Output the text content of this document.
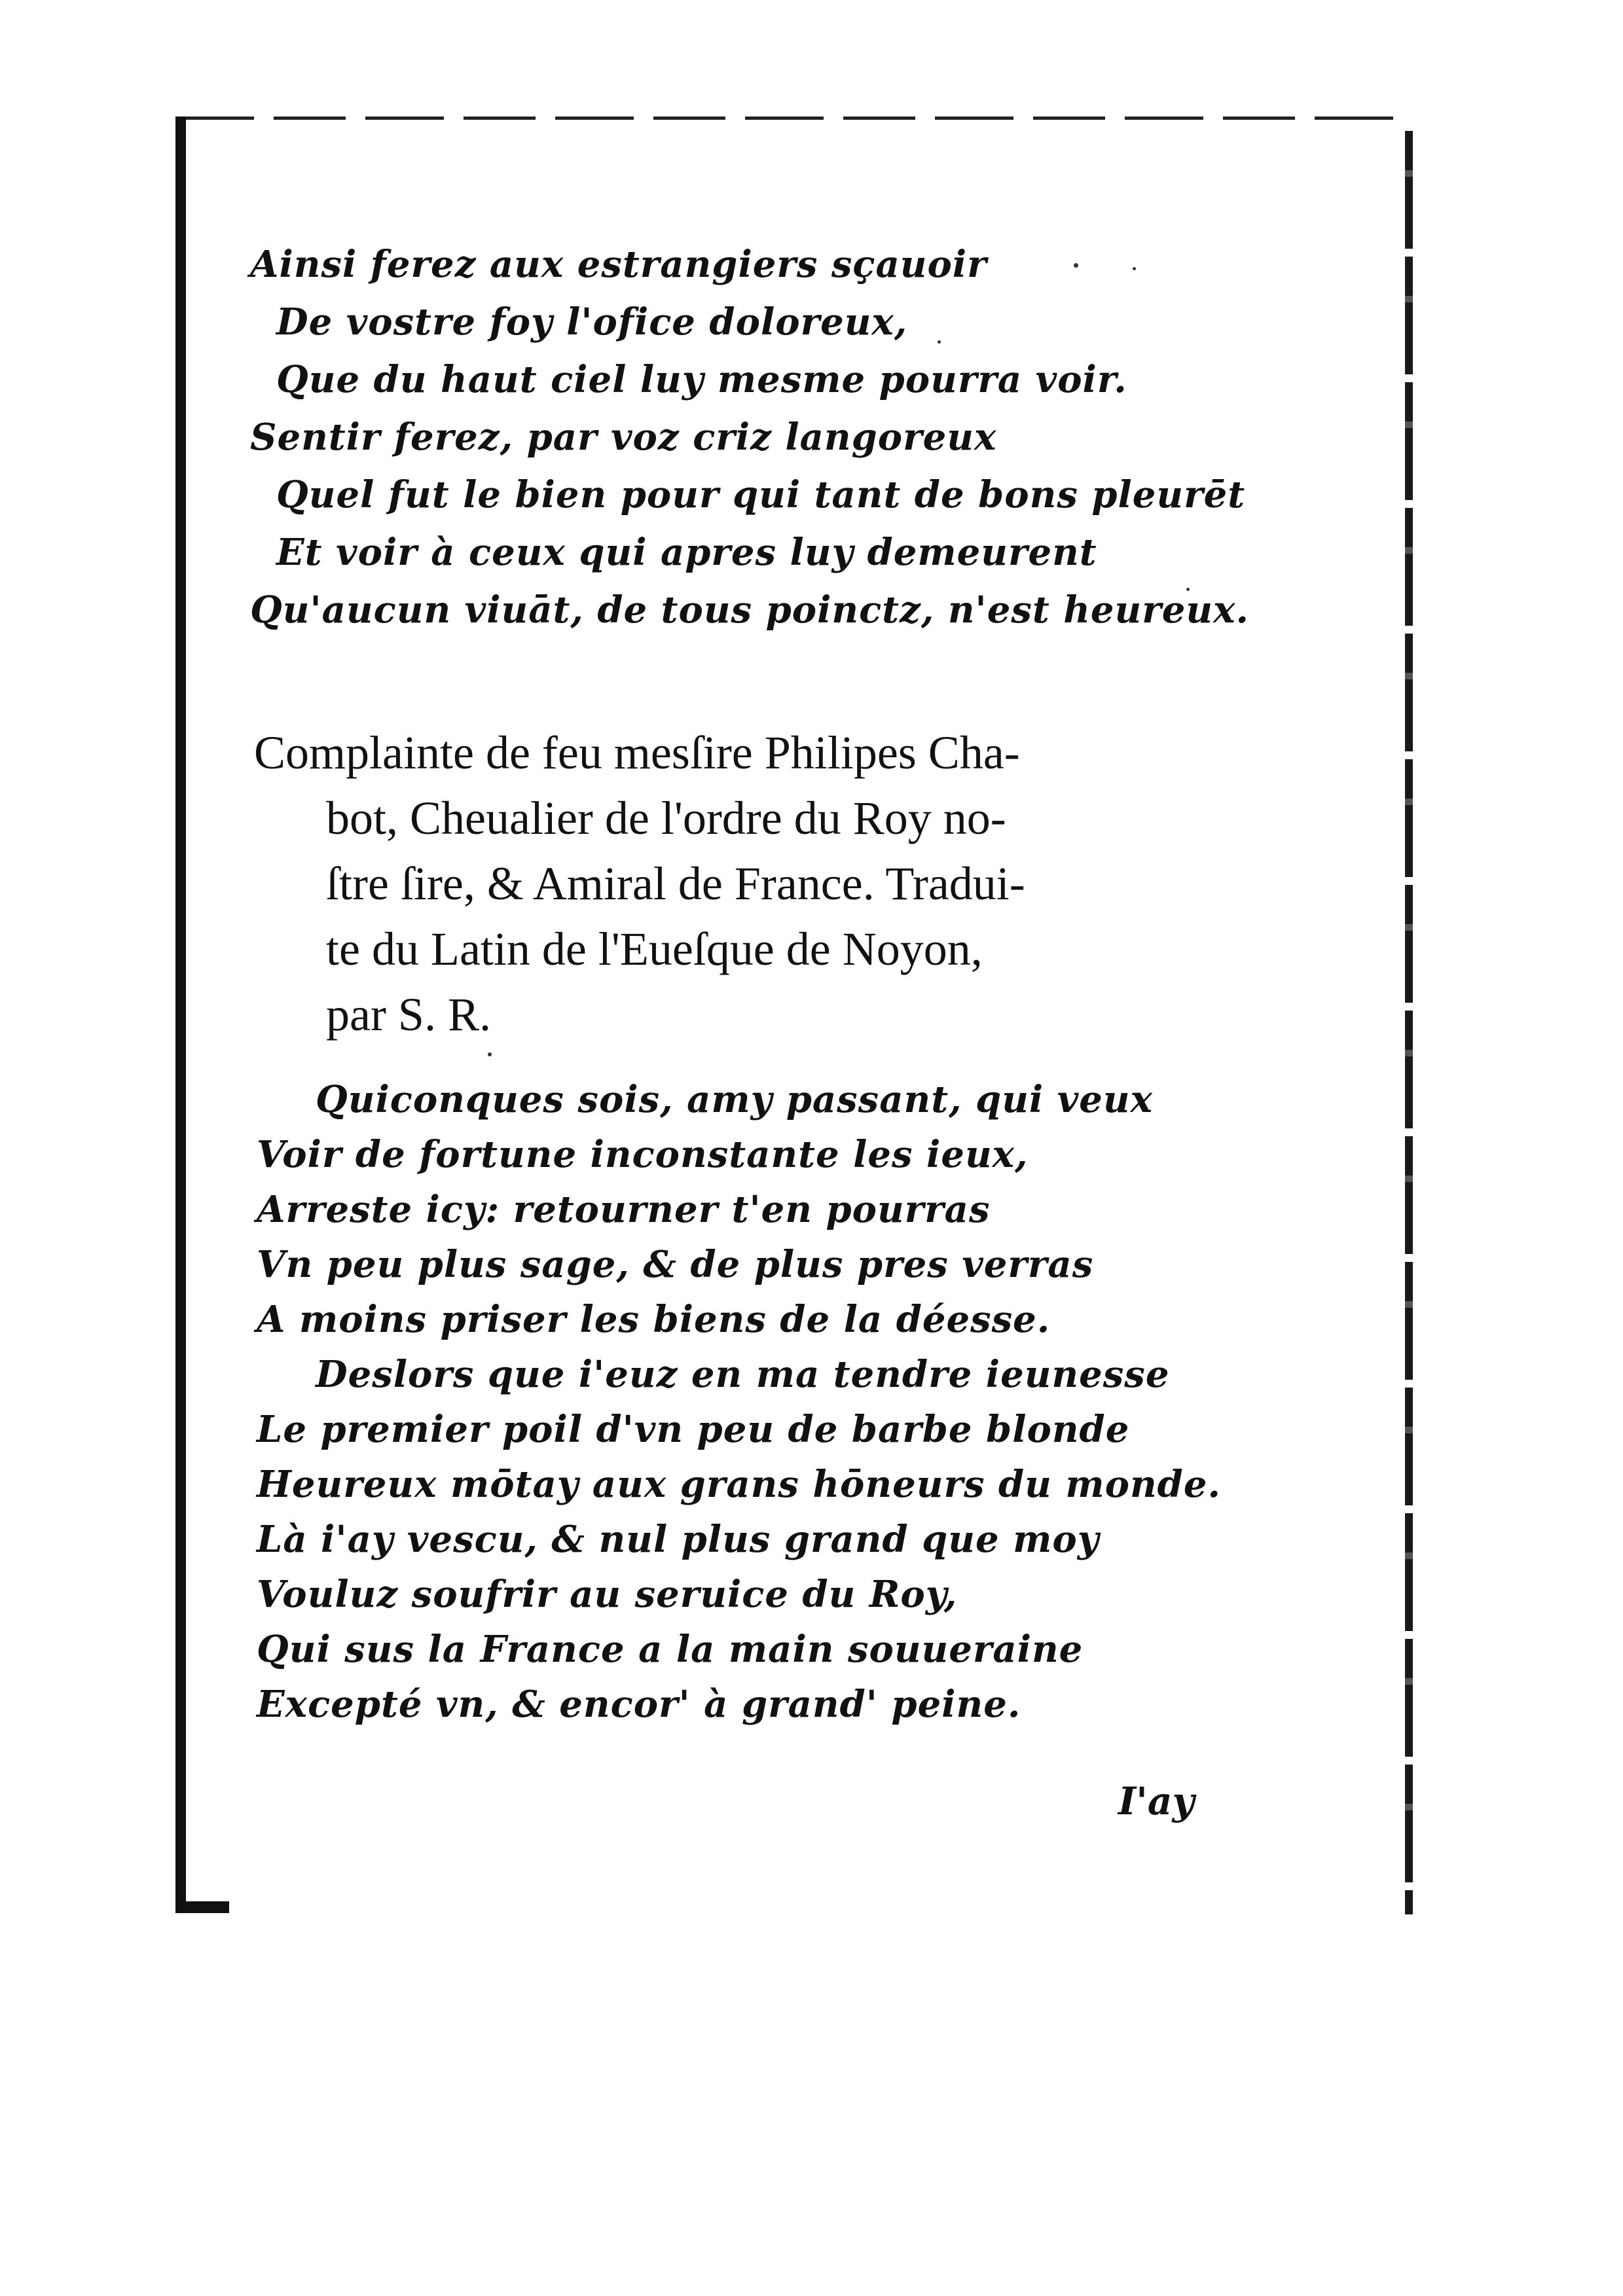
Ainsi ferez aux estrangiers sçauoir
De vostre foy l'ofice doloreux,
Que du haut ciel luy mesme pourra voir.
Sentir ferez, par voz criz langoreux
Quel fut le bien pour qui tant de bons pleurēt
Et voir à ceux qui apres luy demeurent
Qu'aucun viuāt, de tous poinctz, n'est heureux.
Complainte de feu mesſire Philipes Cha-
bot, Cheualier de l'ordre du Roy no-
ſtre ſire, & Amiral de France. Tradui-
te du Latin de l'Eueſque de Noyon,
par S. R.
Quiconques sois, amy passant, qui veux
Voir de fortune inconstante les ieux,
Arreste icy: retourner t'en pourras
Vn peu plus sage, & de plus pres verras
A moins priser les biens de la déesse.
Deslors que i'euz en ma tendre ieunesse
Le premier poil d'vn peu de barbe blonde
Heureux mōtay aux grans hōneurs du monde.
Là i'ay vescu, & nul plus grand que moy
Vouluz soufrir au seruice du Roy,
Qui sus la France a la main souueraine
Excepté vn, & encor' à grand' peine.
I'ay
